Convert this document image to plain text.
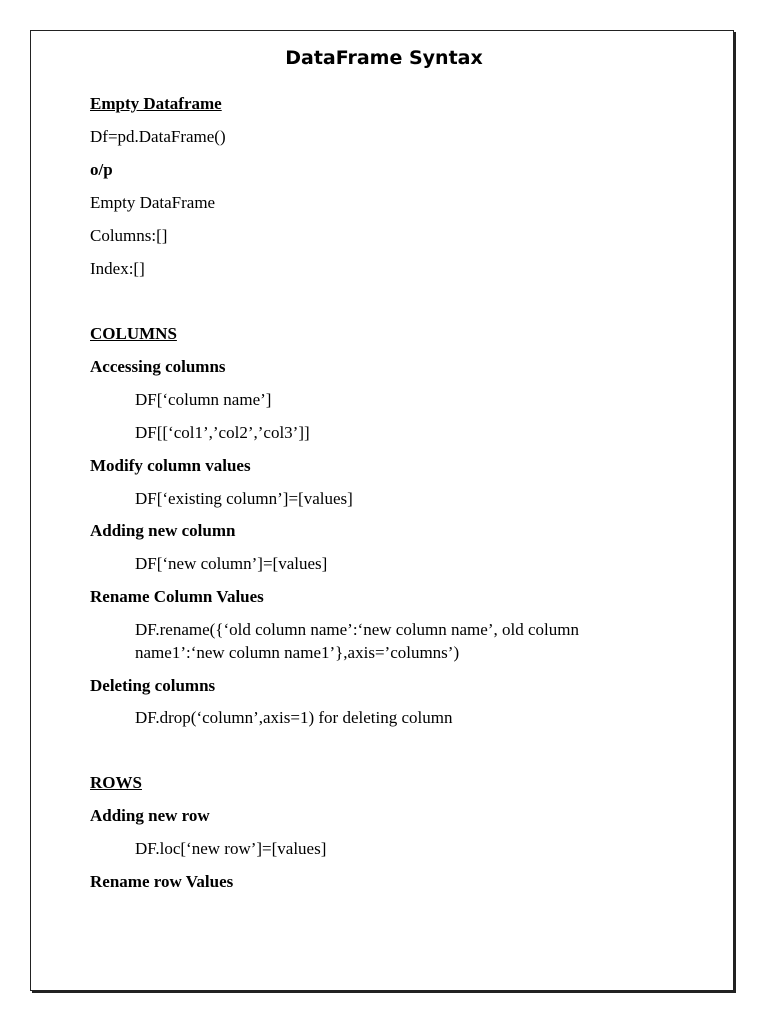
DataFrame Syntax
Empty Dataframe
Df=pd.DataFrame()
o/p
Empty DataFrame
Columns:[]
Index:[]
COLUMNS
Accessing columns
DF[‘column name’]
DF[[‘col1’,’col2’,’col3’]]
Modify column values
DF[‘existing column’]=[values]
Adding new column
DF[‘new column’]=[values]
Rename Column Values
DF.rename({‘old column name’:‘new column name’, old column
name1’:‘new column name1’},axis=’columns’)
Deleting columns
DF.drop(‘column’,axis=1) for deleting column
ROWS
Adding new row
DF.loc[‘new row’]=[values]
Rename row Values
